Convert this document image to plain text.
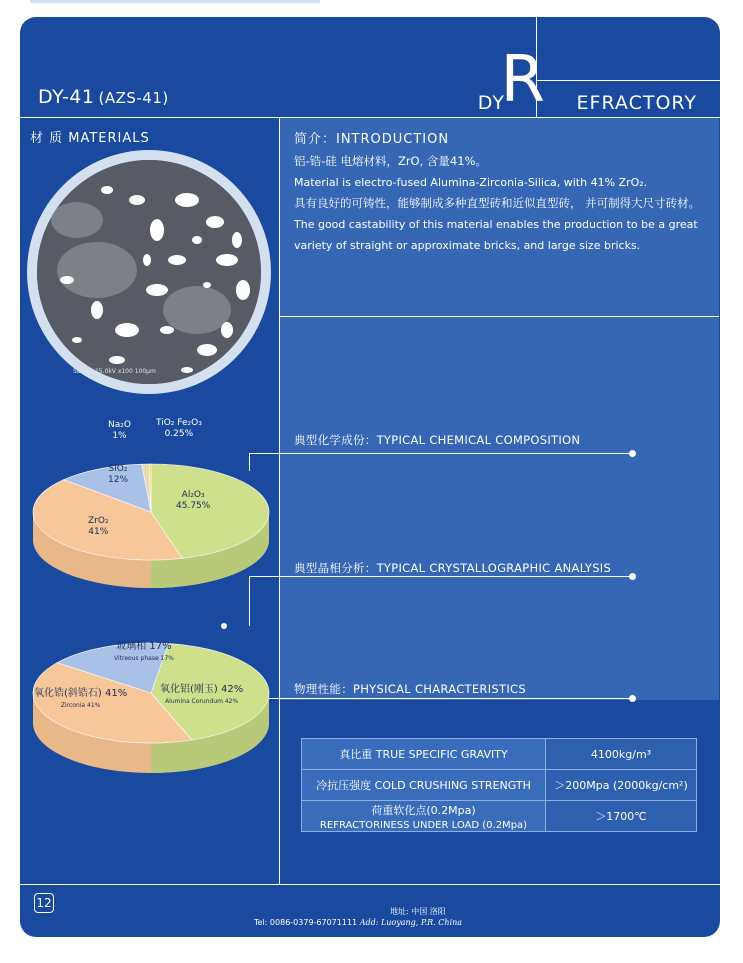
DY-41 (AZS-41)	DY
R EFRACTORY
材 质 MATERIALS
SE WD 15.0kV x100 100μm
简介：INTRODUCTION

铝-锆-硅 电熔材料，ZrO, 含量41%。

Material is electro-fused Alumina-Zirconia-Silica, with 41% ZrO₂.

具有良好的可铸性，能够制成多种直型砖和近似直型砖， 并可制得大尺寸砖材。

The good castability of this material enables the production to be a great variety of straight or approximate bricks, and large size bricks.

典型化学成份：TYPICAL CHEMICAL COMPOSITION
典型晶相分析：TYPICAL CRYSTALLOGRAPHIC ANALYSIS
物理性能：PHYSICAL CHARACTERISTICS
Na₂O
1%
TiO₂ Fe₂O₃
0.25%
SiO₂
12%
Al₂O₃
45.75%
ZrO₂
41%
玻璃相 17%
Vitreous phase 17%
氧化铝(刚玉) 42%
Alumina Corundum 42%
氧化锆(斜锆石) 41%
Zirconia 41%
真比重 TRUE SPECIFIC GRAVITY	4100kg/m³
冷抗压强度 COLD CRUSHING STRENGTH	＞200Mpa (2000kg/cm²)
荷重软化点(0.2Mpa)
REFRACTORINESS UNDER LOAD (0.2Mpa)	＞1700℃
12
地址: 中国 洛阳
Tel: 0086-0379-67071111 Add: Luoyang, P.R. China
